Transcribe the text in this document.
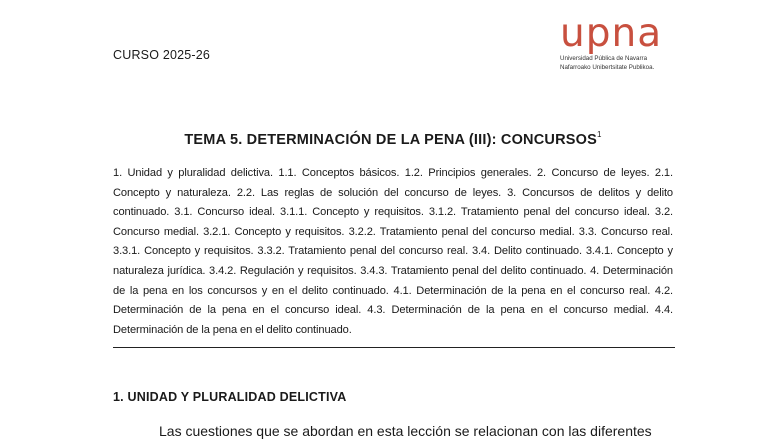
CURSO 2025-26	upna
Universidad Pública de Navarra
Nafarroako Unibertsitate Publikoa.
TEMA 5. DETERMINACIÓN DE LA PENA (III): CONCURSOS$^1$
1. Unidad y pluralidad delictiva. 1.1. Conceptos básicos. 1.2. Principios generales. 2. Concurso de leyes. 2.1. Concepto y naturaleza. 2.2. Las reglas de solución del concurso de leyes. 3. Concursos de delitos y delito continuado. 3.1. Concurso ideal. 3.1.1. Concepto y requisitos. 3.1.2. Tratamiento penal del concurso ideal. 3.2. Concurso medial. 3.2.1. Concepto y requisitos. 3.2.2. Tratamiento penal del concurso medial. 3.3. Concurso real. 3.3.1. Concepto y requisitos. 3.3.2. Tratamiento penal del concurso real. 3.4. Delito continuado. 3.4.1. Concepto y naturaleza jurídica. 3.4.2. Regulación y requisitos. 3.4.3. Tratamiento penal del delito continuado. 4. Determinación de la pena en los concursos y en el delito continuado. 4.1. Determinación de la pena en el concurso real. 4.2. Determinación de la pena en el concurso ideal. 4.3. Determinación de la pena en el concurso medial. 4.4. Determinación de la pena en el delito continuado.
1. UNIDAD Y PLURALIDAD DELICTIVA
Las cuestiones que se abordan en esta lección se relacionan con las diferentes
